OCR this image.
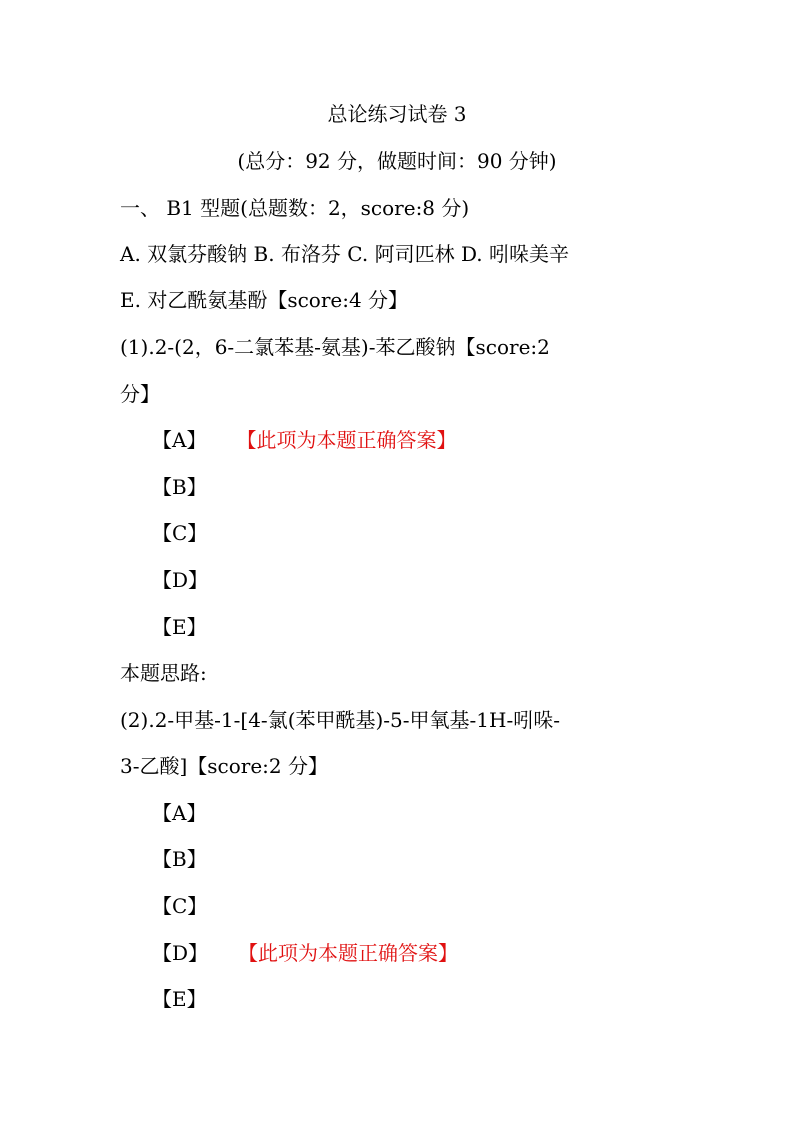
总论练习试卷 3
(总分：92 分，做题时间：90 分钟)
一、 B1 型题(总题数：2，score:8 分)
A. 双氯芬酸钠 B. 布洛芬 C. 阿司匹林 D. 吲哚美辛
E. 对乙酰氨基酚【score:4 分】
(1).2-(2，6-二氯苯基-氨基)-苯乙酸钠【score:2
分】
【A】 【此项为本题正确答案】
【B】
【C】
【D】
【E】
本题思路:
(2).2-甲基-1-[4-氯(苯甲酰基)-5-甲氧基-1H-吲哚-
3-乙酸]【score:2 分】
【A】
【B】
【C】
【D】 【此项为本题正确答案】
【E】
